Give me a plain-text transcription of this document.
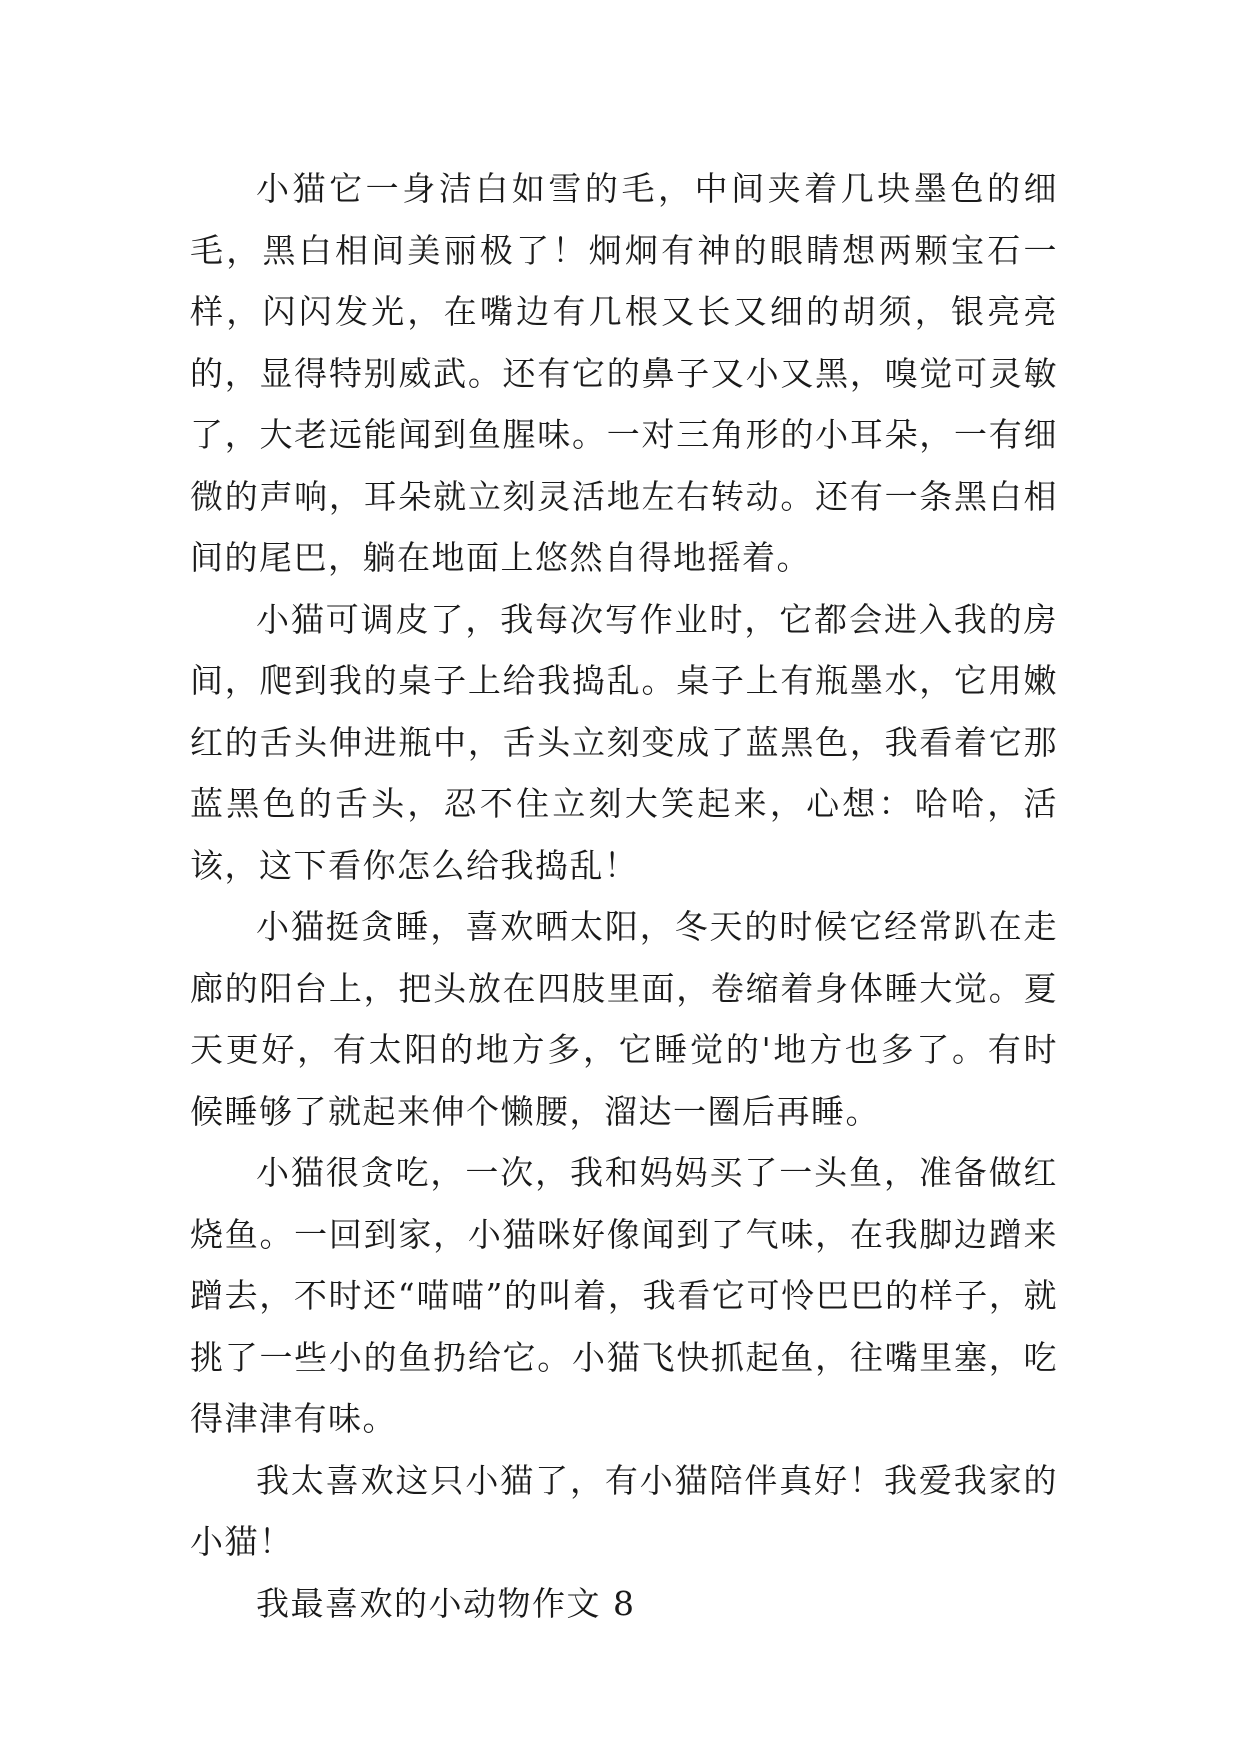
小猫它一身洁白如雪的毛，中间夹着几块墨色的细毛，黑白相间美丽极了！炯炯有神的眼睛想两颗宝石一样，闪闪发光，在嘴边有几根又长又细的胡须，银亮亮的，显得特别威武。还有它的鼻子又小又黑，嗅觉可灵敏了，大老远能闻到鱼腥味。一对三角形的小耳朵，一有细微的声响，耳朵就立刻灵活地左右转动。还有一条黑白相间的尾巴，躺在地面上悠然自得地摇着。

小猫可调皮了，我每次写作业时，它都会进入我的房间，爬到我的桌子上给我捣乱。桌子上有瓶墨水，它用嫩红的舌头伸进瓶中，舌头立刻变成了蓝黑色，我看着它那蓝黑色的舌头，忍不住立刻大笑起来，心想：哈哈，活该，这下看你怎么给我捣乱！

小猫挺贪睡，喜欢晒太阳，冬天的时候它经常趴在走廊的阳台上，把头放在四肢里面，卷缩着身体睡大觉。夏天更好，有太阳的地方多，它睡觉的'地方也多了。有时候睡够了就起来伸个懒腰，溜达一圈后再睡。

小猫很贪吃，一次，我和妈妈买了一头鱼，准备做红烧鱼。一回到家，小猫咪好像闻到了气味，在我脚边蹭来蹭去，不时还“喵喵”的叫着，我看它可怜巴巴的样子，就挑了一些小的鱼扔给它。小猫飞快抓起鱼，往嘴里塞，吃得津津有味。

我太喜欢这只小猫了，有小猫陪伴真好！我爱我家的小猫！

我最喜欢的小动物作文 8
